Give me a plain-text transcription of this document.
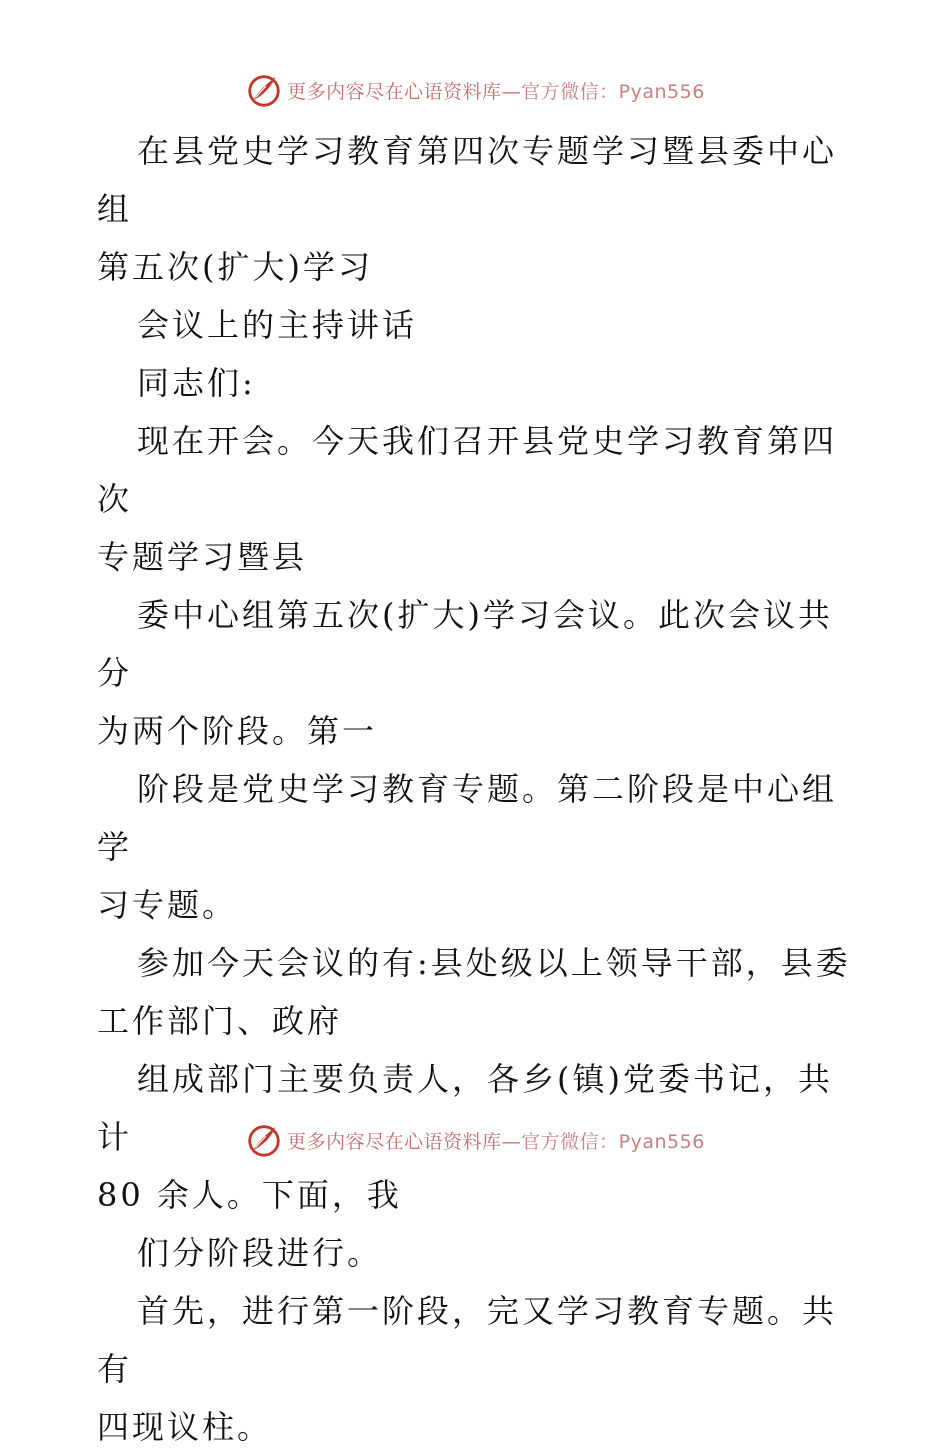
更多内容尽在心语资料库—官方微信：Pyan556

在县党史学习教育第四次专题学习暨县委中心组
第五次(扩大)学习

会议上的主持讲话

同志们:

现在开会。今天我们召开县党史学习教育第四次
专题学习暨县

委中心组第五次(扩大)学习会议。此次会议共分
为两个阶段。第一

阶段是党史学习教育专题。第二阶段是中心组学
习专题。

参加今天会议的有:县处级以上领导干部，县委
工作部门、政府

组成部门主要负责人，各乡(镇)党委书记，共计
80 余人。下面，我

们分阶段进行。

首先，进行第一阶段，完又学习教育专题。共有
四现议柱。

更多内容尽在心语资料库—官方微信：Pyan556
